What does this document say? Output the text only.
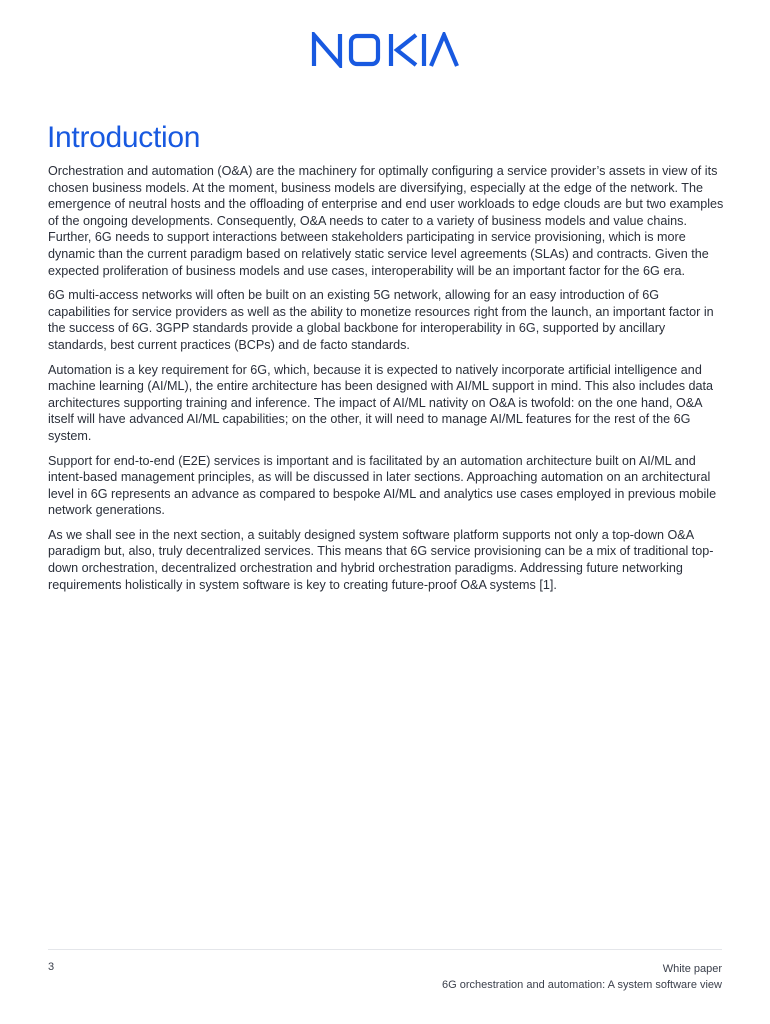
Introduction

Orchestration and automation (O&A) are the machinery for optimally configuring a service provider’s assets in view of its chosen business models. At the moment, business models are diversifying, especially at the edge of the network. The emergence of neutral hosts and the offloading of enterprise and end user workloads to edge clouds are but two examples of the ongoing developments. Consequently, O&A needs to cater to a variety of business models and value chains. Further, 6G needs to support interactions between stakeholders participating in service provisioning, which is more dynamic than the current paradigm based on relatively static service level agreements (SLAs) and contracts. Given the expected proliferation of business models and use cases, interoperability will be an important factor for the 6G era.

6G multi-access networks will often be built on an existing 5G network, allowing for an easy introduction of 6G capabilities for service providers as well as the ability to monetize resources right from the launch, an important factor in the success of 6G. 3GPP standards provide a global backbone for interoperability in 6G, supported by ancillary standards, best current practices (BCPs) and de facto standards.

Automation is a key requirement for 6G, which, because it is expected to natively incorporate artificial intelligence and machine learning (AI/ML), the entire architecture has been designed with AI/ML support in mind. This also includes data architectures supporting training and inference. The impact of AI/ML nativity on O&A is twofold: on the one hand, O&A itself will have advanced AI/ML capabilities; on the other, it will need to manage AI/ML features for the rest of the 6G system.

Support for end-to-end (E2E) services is important and is facilitated by an automation architecture built on AI/ML and intent-based management principles, as will be discussed in later sections. Approaching automation on an architectural level in 6G represents an advance as compared to bespoke AI/ML and analytics use cases employed in previous mobile network generations.

As we shall see in the next section, a suitably designed system software platform supports not only a top-down O&A paradigm but, also, truly decentralized services. This means that 6G service provisioning can be a mix of traditional top-down orchestration, decentralized orchestration and hybrid orchestration paradigms. Addressing future networking requirements holistically in system software is key to creating future-proof O&A systems [1].

3	White paper
6G orchestration and automation: A system software view
